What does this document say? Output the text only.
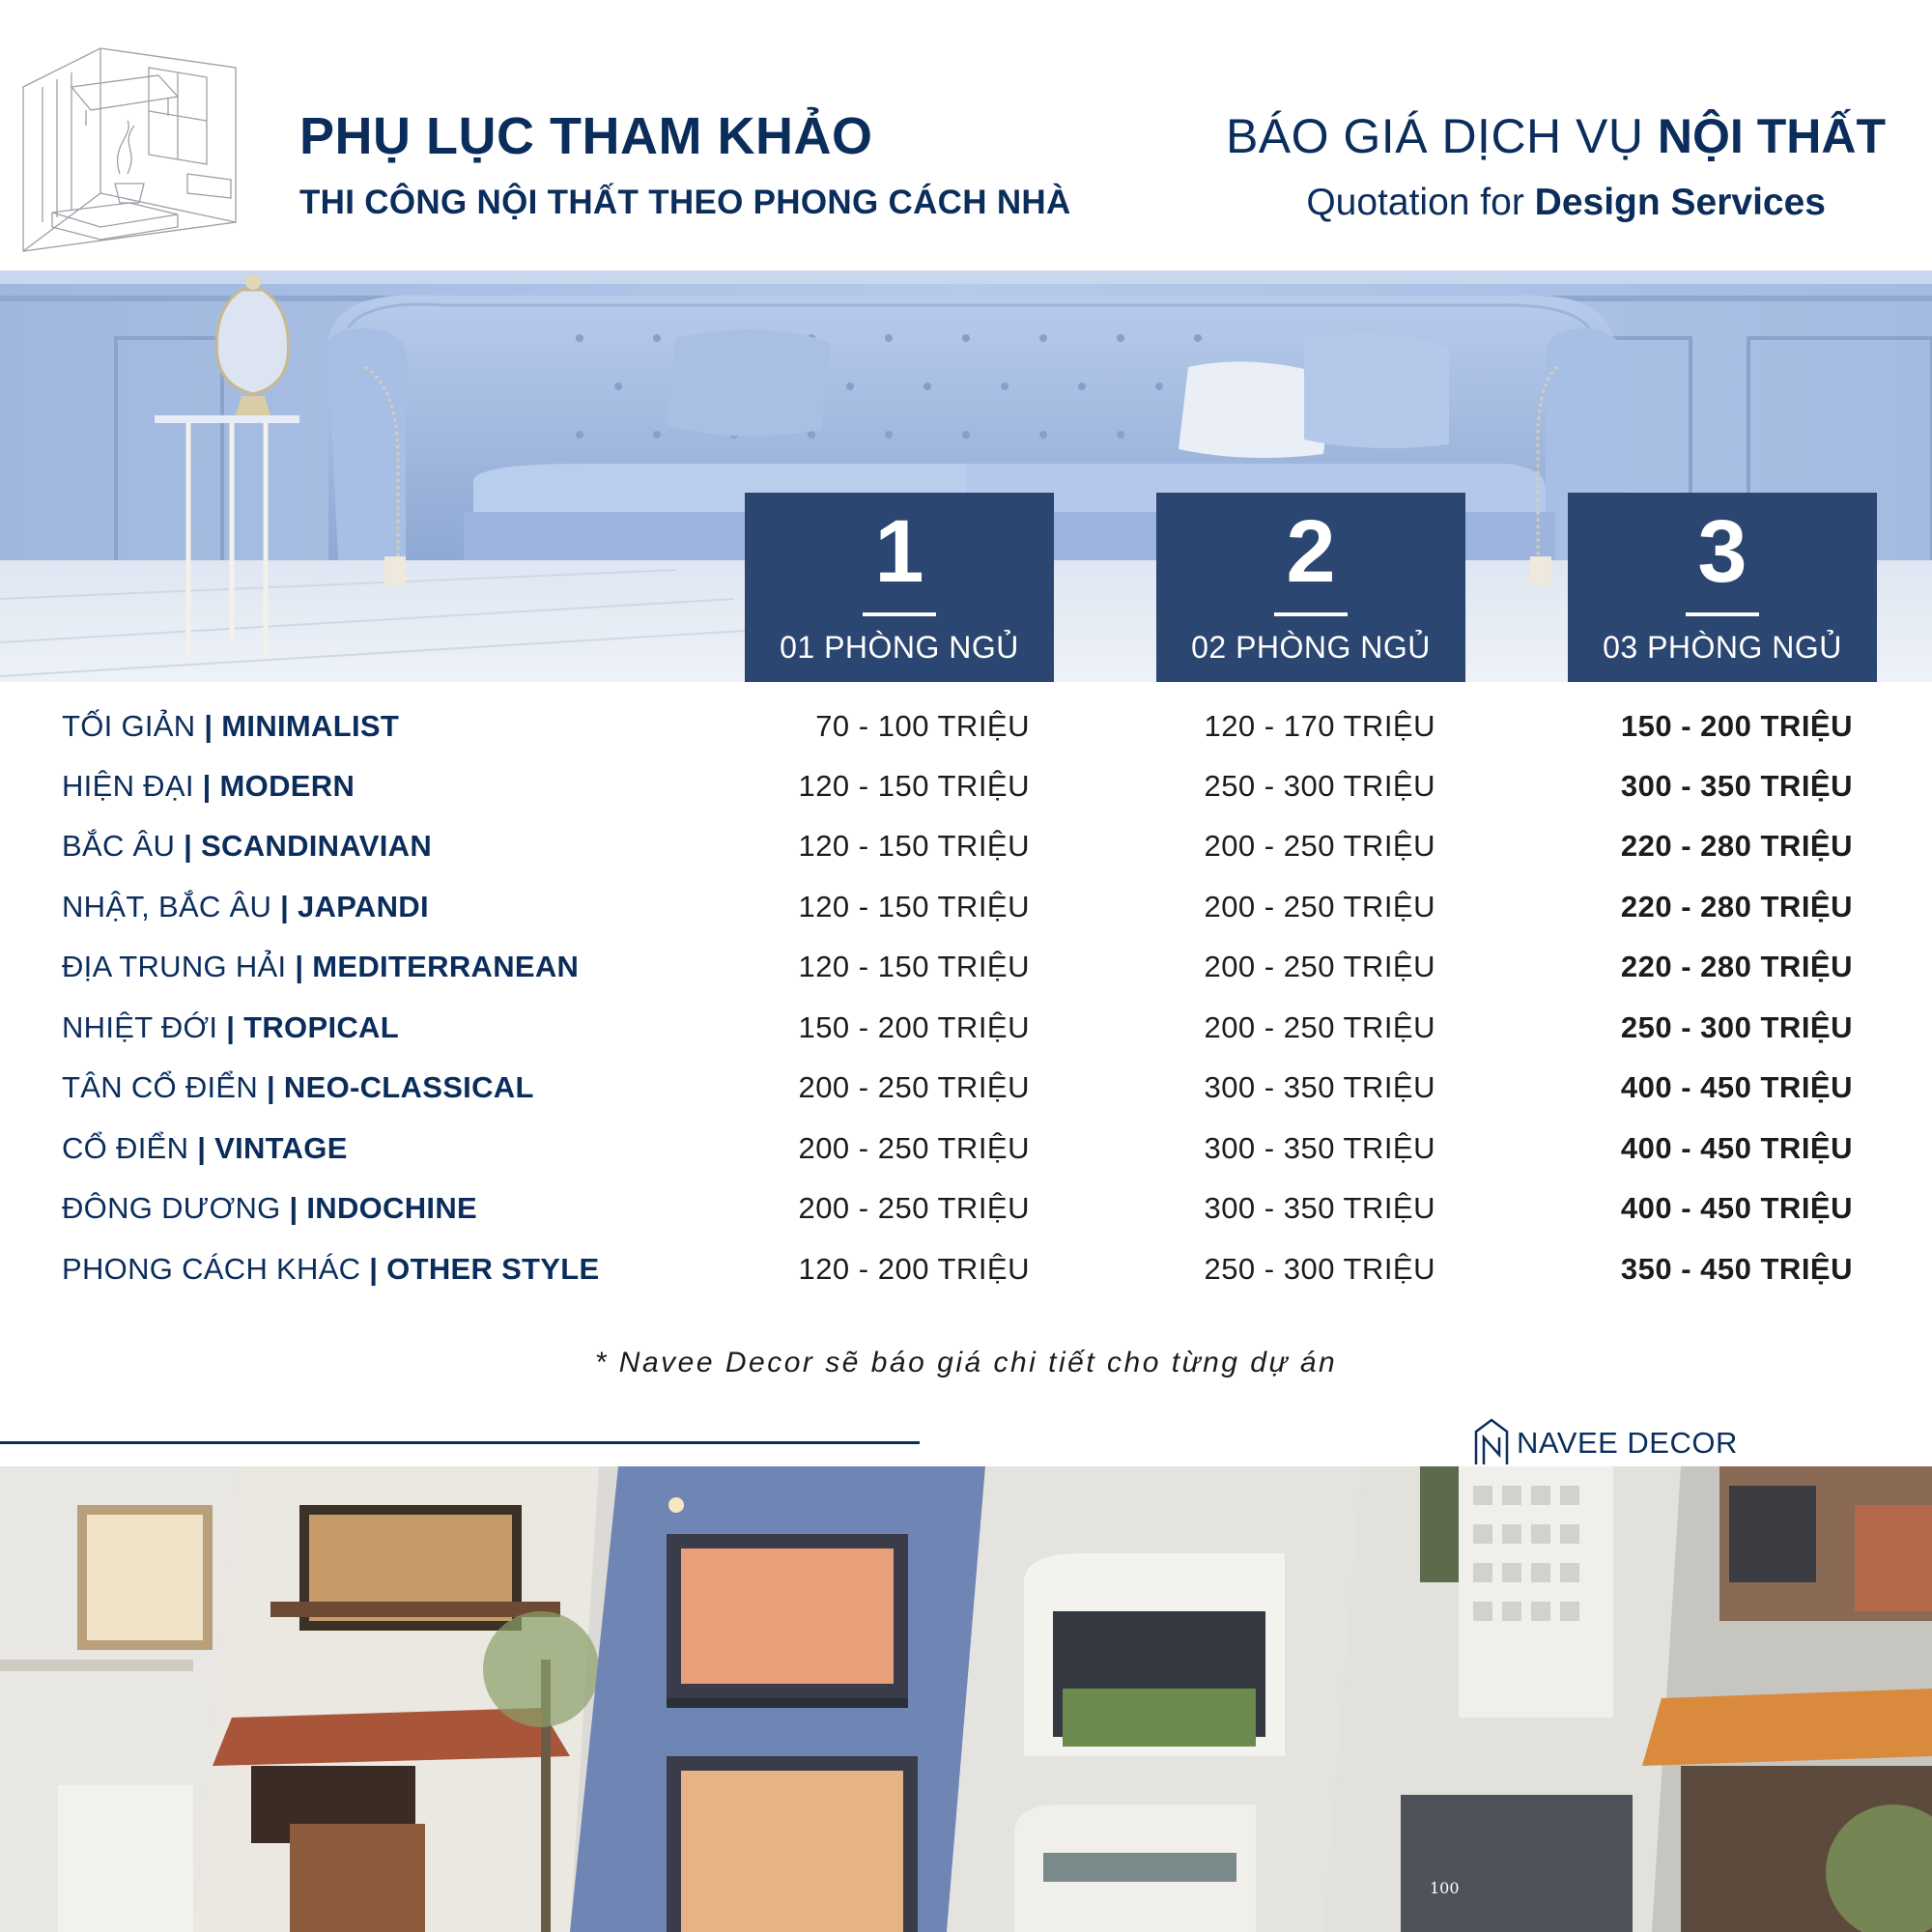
PHỤ LỤC THAM KHẢO
THI CÔNG NỘI THẤT THEO PHONG CÁCH NHÀ
BÁO GIÁ DỊCH VỤ NỘI THẤT
Quotation for Design Services
1
01 PHÒNG NGỦ
2
02 PHÒNG NGỦ
3
03 PHÒNG NGỦ
TỐI GIẢN | MINIMALIST	70 - 100 TRIỆU	120 - 170 TRIỆU	150 - 200 TRIỆU
HIỆN ĐẠI | MODERN	120 - 150 TRIỆU	250 - 300 TRIỆU	300 - 350 TRIỆU
BẮC ÂU | SCANDINAVIAN	120 - 150 TRIỆU	200 - 250 TRIỆU	220 - 280 TRIỆU
NHẬT, BẮC ÂU | JAPANDI	120 - 150 TRIỆU	200 - 250 TRIỆU	220 - 280 TRIỆU
ĐỊA TRUNG HẢI | MEDITERRANEAN	120 - 150 TRIỆU	200 - 250 TRIỆU	220 - 280 TRIỆU
NHIỆT ĐỚI | TROPICAL	150 - 200 TRIỆU	200 - 250 TRIỆU	250 - 300 TRIỆU
TÂN CỔ ĐIỂN | NEO-CLASSICAL	200 - 250 TRIỆU	300 - 350 TRIỆU	400 - 450 TRIỆU
CỔ ĐIỂN | VINTAGE	200 - 250 TRIỆU	300 - 350 TRIỆU	400 - 450 TRIỆU
ĐÔNG DƯƠNG | INDOCHINE	200 - 250 TRIỆU	300 - 350 TRIỆU	400 - 450 TRIỆU
PHONG CÁCH KHÁC | OTHER STYLE	120 - 200 TRIỆU	250 - 300 TRIỆU	350 - 450 TRIỆU
* Navee Decor sẽ báo giá chi tiết cho từng dự án
NAVEE DECOR
100
